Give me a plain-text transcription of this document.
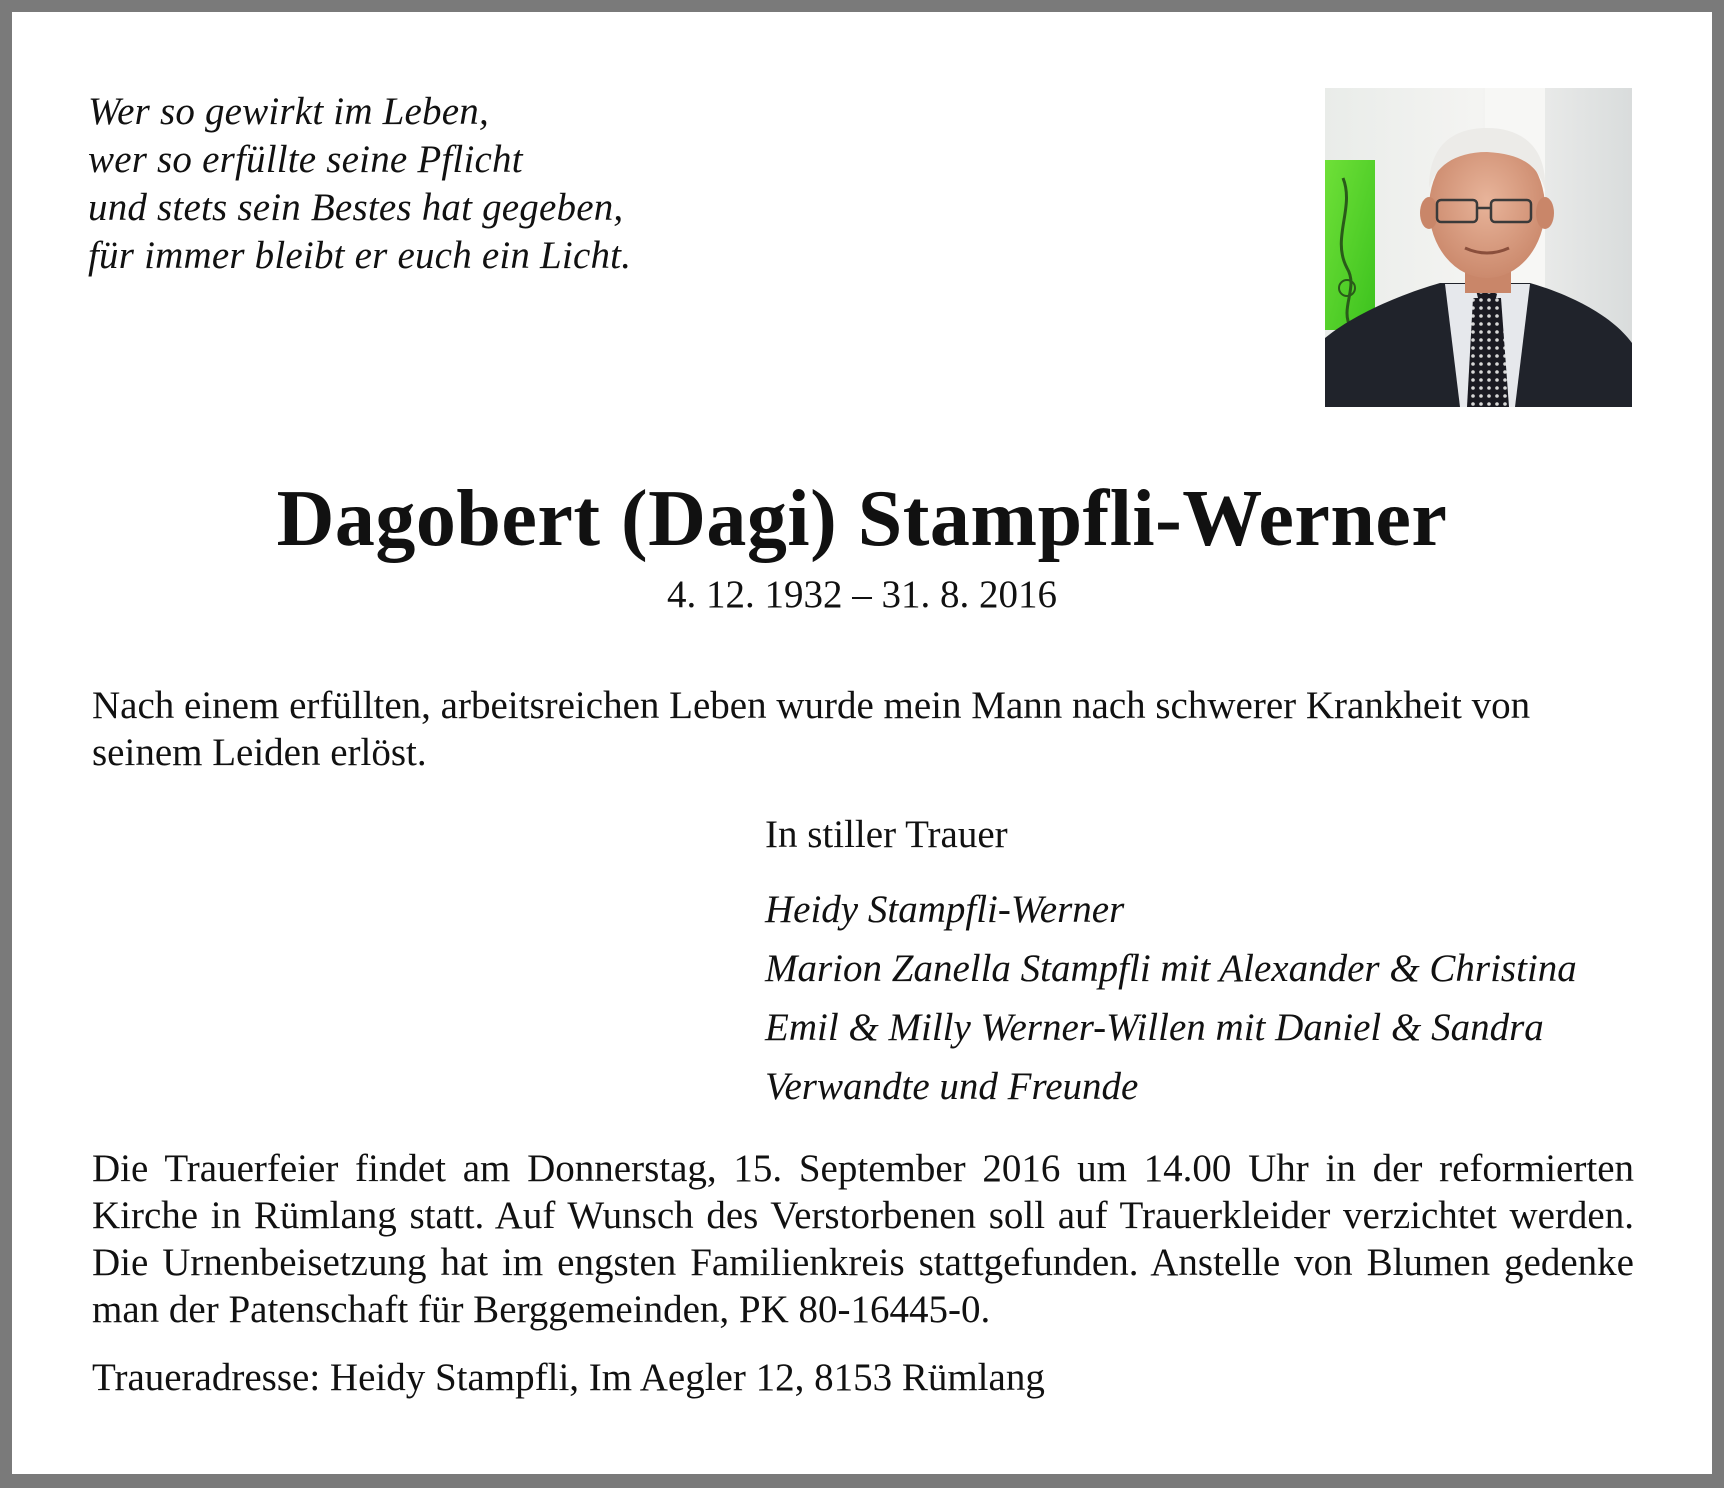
Wer so gewirkt im Leben,
wer so erfüllte seine Pflicht
und stets sein Bestes hat gegeben,
für immer bleibt er euch ein Licht.
Dagobert (Dagi) Stampfli-Werner
4. 12. 1932 – 31. 8. 2016
Nach einem erfüllten, arbeitsreichen Leben wurde mein Mann nach schwerer Krankheit von seinem Leiden erlöst.
In stiller Trauer
Heidy Stampfli-Werner
Marion Zanella Stampfli mit Alexander & Christina
Emil & Milly Werner-Willen mit Daniel & Sandra
Verwandte und Freunde
Die Trauerfeier findet am Donnerstag, 15. September 2016 um 14.00 Uhr in der reformierten Kirche in Rümlang statt. Auf Wunsch des Verstorbenen soll auf Trauerkleider verzichtet werden. Die Urnenbeisetzung hat im engsten Familienkreis stattgefunden. Anstelle von Blumen gedenke man der Patenschaft für Berggemeinden, PK 80-16445-0.
Traueradresse: Heidy Stampfli, Im Aegler 12, 8153 Rümlang
